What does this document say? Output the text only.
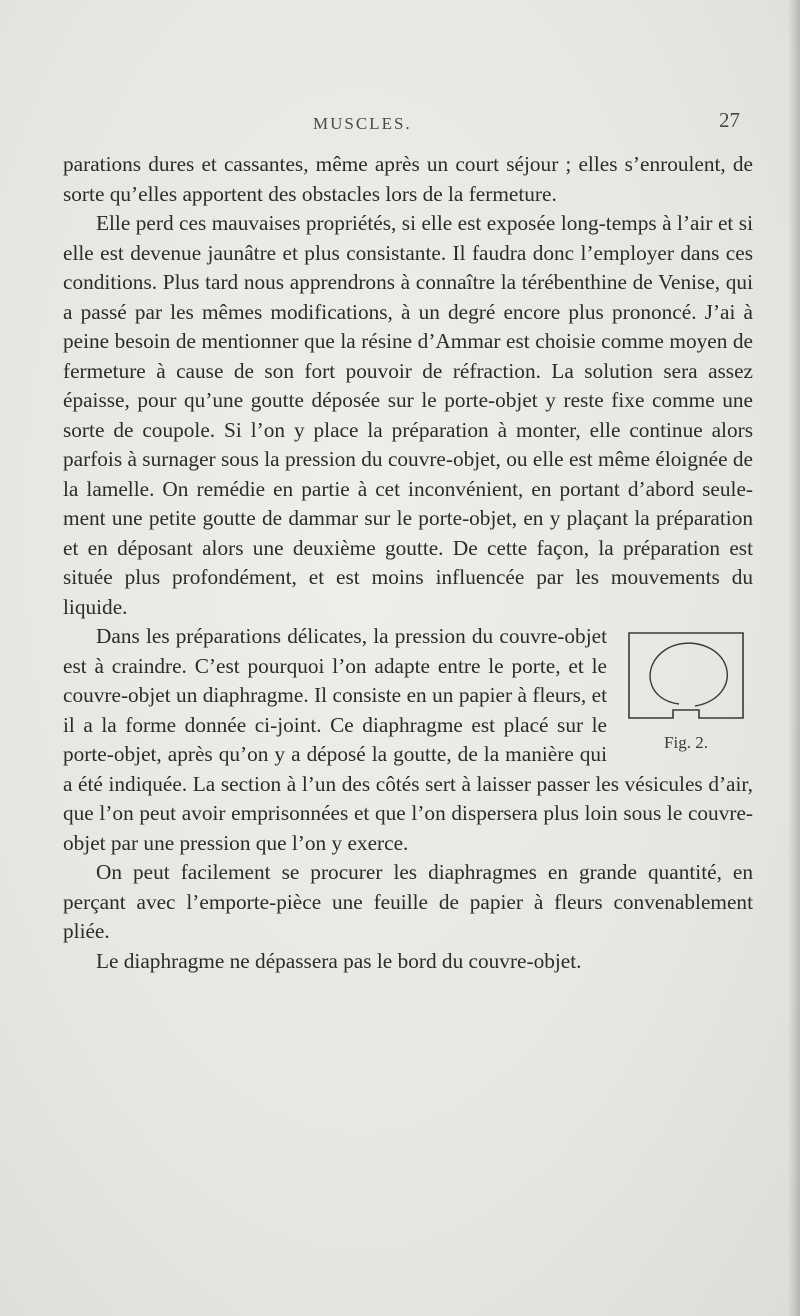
MUSCLES.	27

parations dures et cassantes, même après un court séjour ; elles s’enroulent, de sorte qu’elles apportent des obstacles lors de la fermeture.

Elle perd ces mauvaises propriétés, si elle est exposée long-temps à l’air et si elle est devenue jaunâtre et plus consistante. Il faudra donc l’employer dans ces conditions. Plus tard nous apprendrons à connaître la térébenthine de Venise, qui a passé par les mêmes modifications, à un degré encore plus prononcé. J’ai à peine besoin de mentionner que la résine d’Ammar est choisie comme moyen de fermeture à cause de son fort pouvoir de réfraction. La solution sera assez épaisse, pour qu’une goutte déposée sur le porte-objet y reste fixe comme une sorte de coupole. Si l’on y place la préparation à monter, elle continue alors parfois à surnager sous la pression du couvre-objet, ou elle est même éloignée de la lamelle. On remédie en partie à cet inconvénient, en portant d’abord seule-ment une petite goutte de dammar sur le porte-objet, en y plaçant la préparation et en déposant alors une deuxième goutte. De cette façon, la préparation est située plus profondément, et est moins influencée par les mouvements du liquide.

Fig. 2.

Dans les préparations délicates, la pression du couvre-objet est à craindre. C’est pourquoi l’on adapte entre le porte, et le couvre-objet un diaphragme. Il consiste en un papier à fleurs, et il a la forme donnée ci-joint. Ce diaphragme est placé sur le porte-objet, après qu’on y a déposé la goutte, de la manière qui a été indiquée. La section à l’un des côtés sert à laisser passer les vésicules d’air, que l’on peut avoir emprisonnées et que l’on dispersera plus loin sous le couvre-objet par une pression que l’on y exerce.

On peut facilement se procurer les diaphragmes en grande quantité, en perçant avec l’emporte-pièce une feuille de papier à fleurs convenablement pliée.

Le diaphragme ne dépassera pas le bord du couvre-objet.
